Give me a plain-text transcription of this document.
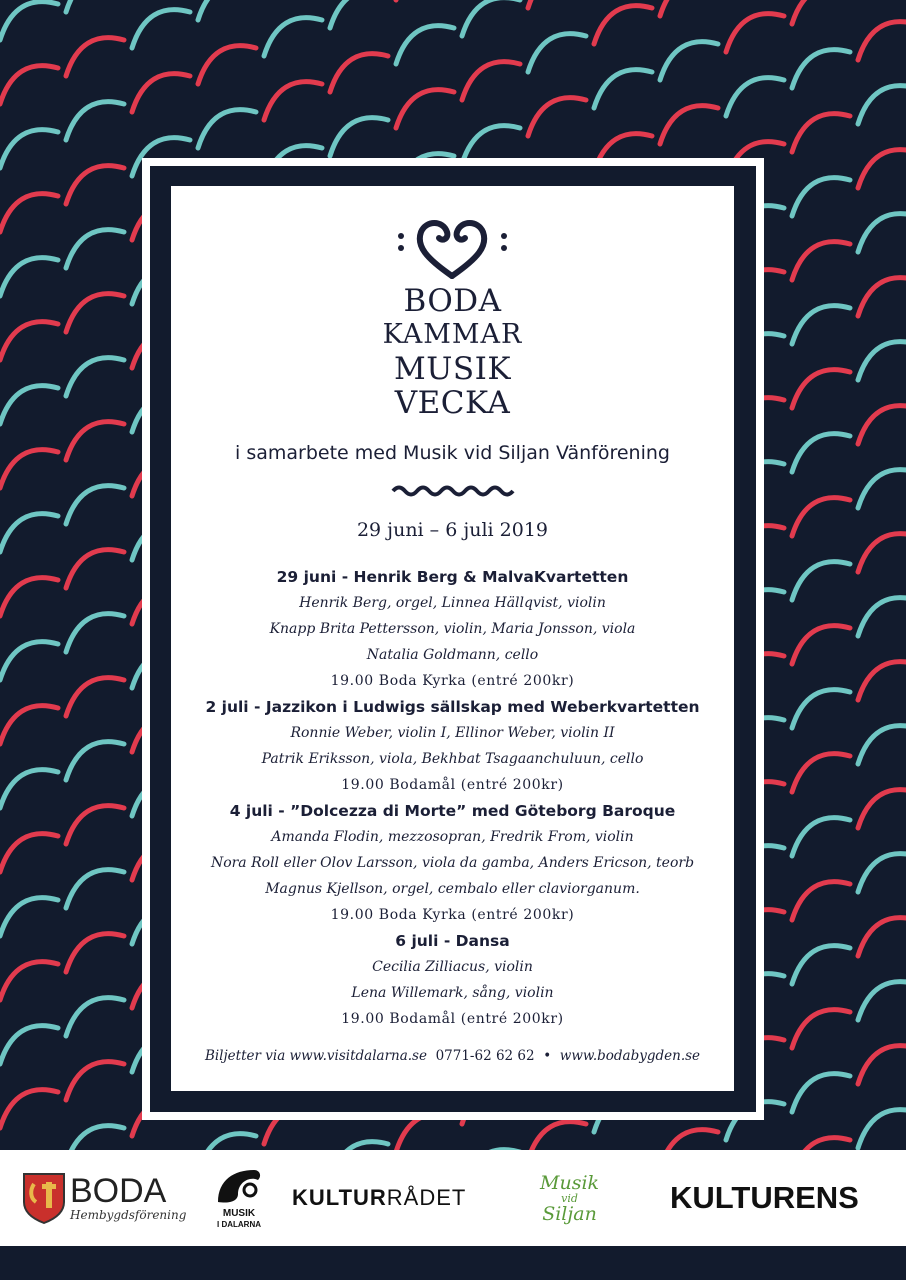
BODA
KAMMAR
MUSIK
VECKA
i samarbete med Musik vid Siljan Vänförening
29 juni – 6 juli 2019
29 juni - Henrik Berg & MalvaKvartetten
Henrik Berg, orgel, Linnea Hällqvist, violin
Knapp Brita Pettersson, violin, Maria Jonsson, viola
Natalia Goldmann, cello
19.00 Boda Kyrka (entré 200kr)
2 juli - Jazzikon i Ludwigs sällskap med Weberkvartetten
Ronnie Weber, violin I, Ellinor Weber, violin II
Patrik Eriksson, viola, Bekhbat Tsagaanchuluun, cello
19.00 Bodamål (entré 200kr)
4 juli - ”Dolcezza di Morte” med Göteborg Baroque
Amanda Flodin, mezzosopran, Fredrik From, violin
Nora Roll eller Olov Larsson, viola da gamba, Anders Ericson, teorb
Magnus Kjellson, orgel, cembalo eller claviorganum.
19.00 Boda Kyrka (entré 200kr)
6 juli - Dansa
Cecilia Zilliacus, violin
Lena Willemark, sång, violin
19.00 Bodamål (entré 200kr)
Biljetter via www.visitdalarna.se 0771-62 62 62 • www.bodabygden.se
BODA
Hembygdsförening	MUSIK
I DALARNA
KULTUR RÅDET
Musik
vid
Siljan KULTURENS
